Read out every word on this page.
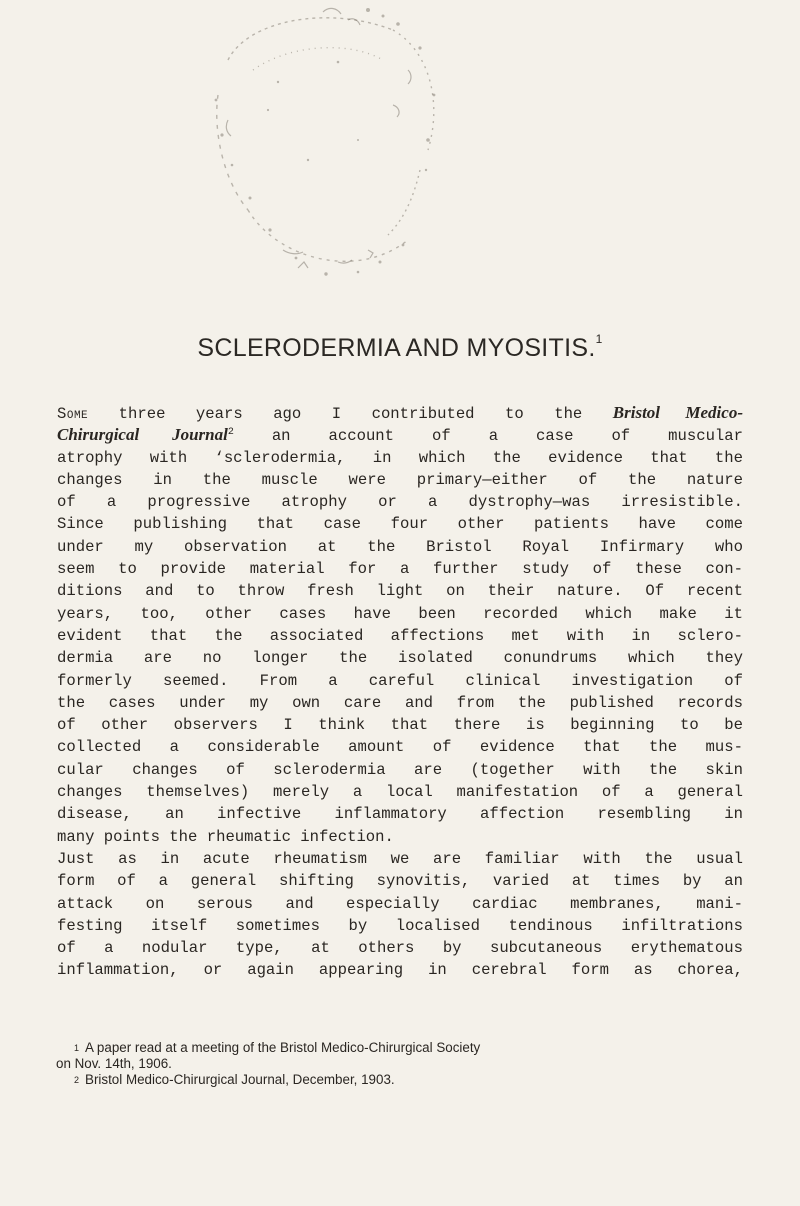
SCLERODERMIA AND MYOSITIS.$^1$
Some three years ago I contributed to the Bristol Medico-
Chirurgical Journal$^2$ an account of a case of muscular
atrophy with ‘sclerodermia, in which the evidence that the
changes in the muscle were primary—either of the nature
of a progressive atrophy or a dystrophy—was irresistible.
Since publishing that case four other patients have come
under my observation at the Bristol Royal Infirmary who
seem to provide material for a further study of these con-
ditions and to throw fresh light on their nature. Of recent
years, too, other cases have been recorded which make it
evident that the associated affections met with in sclero-
dermia are no longer the isolated conundrums which they
formerly seemed. From a careful clinical investigation of
the cases under my own care and from the published records
of other observers I think that there is beginning to be
collected a considerable amount of evidence that the mus-
cular changes of sclerodermia are (together with the skin
changes themselves) merely a local manifestation of a general
disease, an infective inflammatory affection resembling in
many points the rheumatic infection.
Just as in acute rheumatism we are familiar with the usual
form of a general shifting synovitis, varied at times by an
attack on serous and especially cardiac membranes, mani-
festing itself sometimes by localised tendinous infiltrations
of a nodular type, at others by subcutaneous erythematous
inflammation, or again appearing in cerebral form as chorea,
$^1$ A paper read at a meeting of the Bristol Medico-Chirurgical Society
on Nov. 14th, 1906.
$^2$ Bristol Medico-Chirurgical Journal, December, 1903.
